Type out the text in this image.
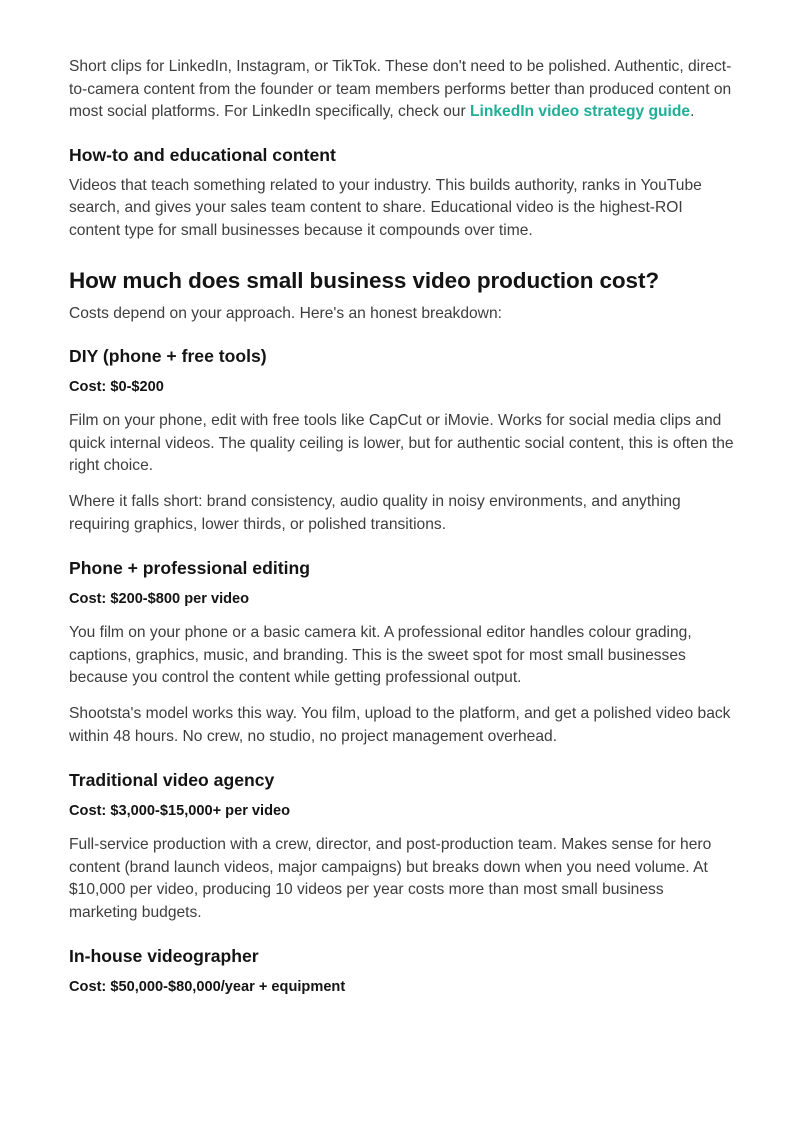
Short clips for LinkedIn, Instagram, or TikTok. These don't need to be polished. Authentic, direct-to-camera content from the founder or team members performs better than produced content on most social platforms. For LinkedIn specifically, check our LinkedIn video strategy guide.

How-to and educational content

Videos that teach something related to your industry. This builds authority, ranks in YouTube search, and gives your sales team content to share. Educational video is the highest-ROI content type for small businesses because it compounds over time.

How much does small business video production cost?

Costs depend on your approach. Here's an honest breakdown:

DIY (phone + free tools)
Cost: $0-$200

Film on your phone, edit with free tools like CapCut or iMovie. Works for social media clips and quick internal videos. The quality ceiling is lower, but for authentic social content, this is often the right choice.

Where it falls short: brand consistency, audio quality in noisy environments, and anything requiring graphics, lower thirds, or polished transitions.

Phone + professional editing
Cost: $200-$800 per video

You film on your phone or a basic camera kit. A professional editor handles colour grading, captions, graphics, music, and branding. This is the sweet spot for most small businesses because you control the content while getting professional output.

Shootsta's model works this way. You film, upload to the platform, and get a polished video back within 48 hours. No crew, no studio, no project management overhead.

Traditional video agency
Cost: $3,000-$15,000+ per video

Full-service production with a crew, director, and post-production team. Makes sense for hero content (brand launch videos, major campaigns) but breaks down when you need volume. At $10,000 per video, producing 10 videos per year costs more than most small business marketing budgets.

In-house videographer
Cost: $50,000-$80,000/year + equipment
